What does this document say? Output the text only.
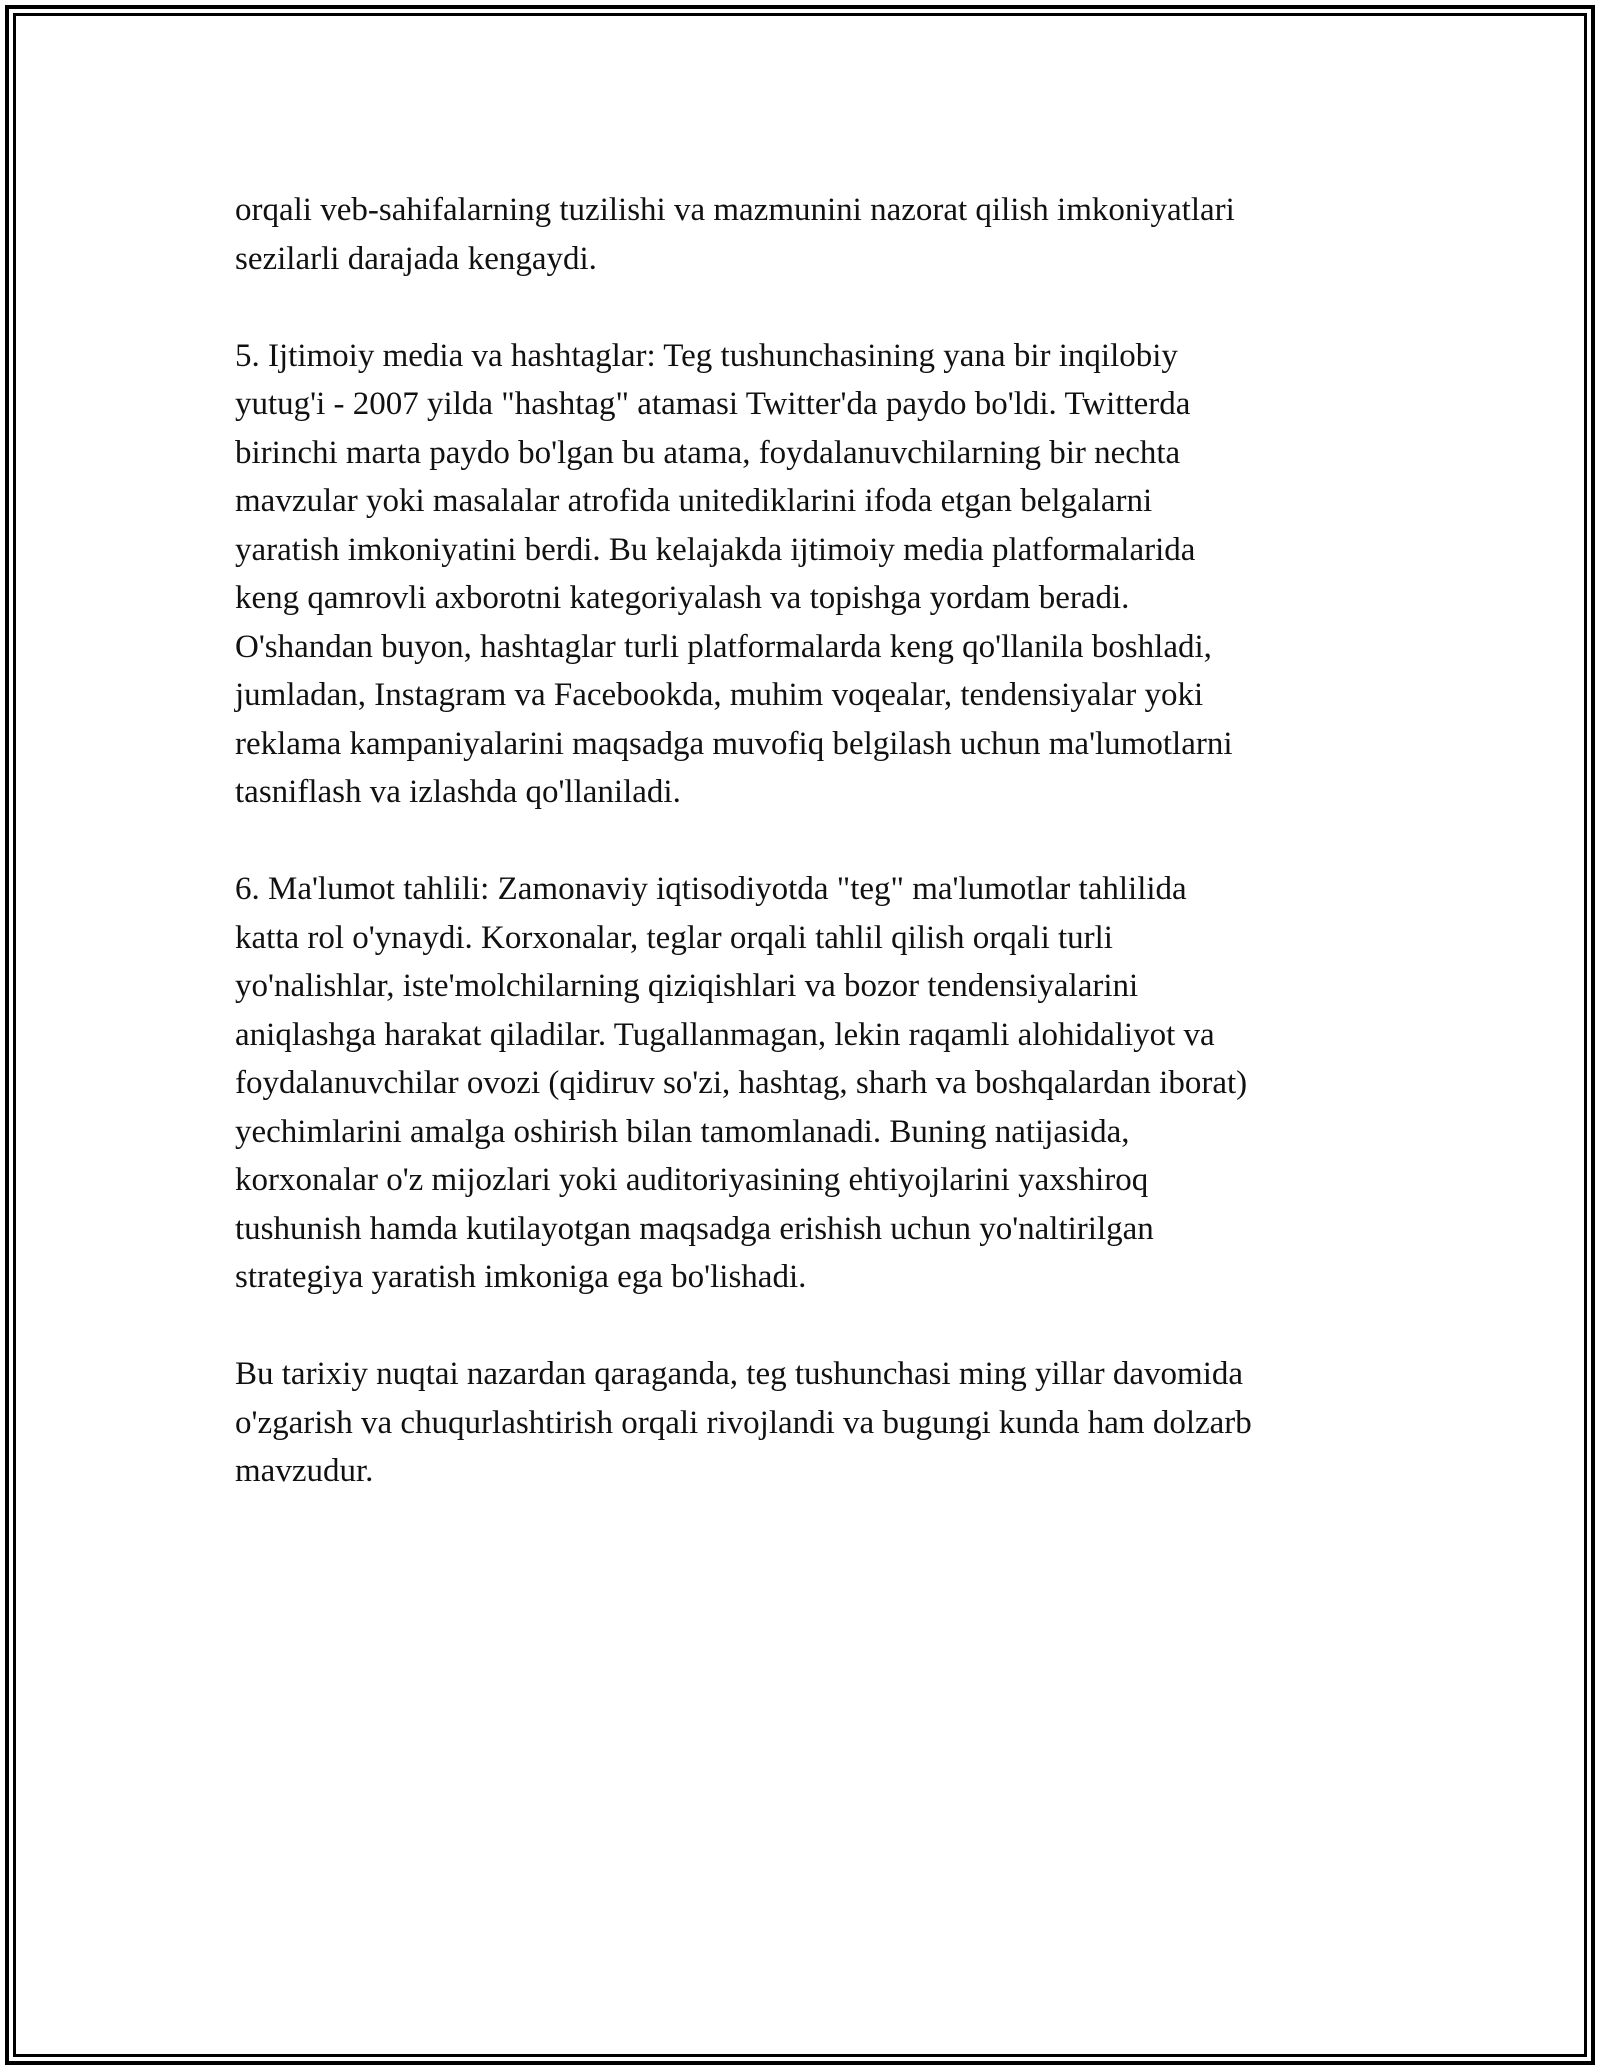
orqali veb-sahifalarning tuzilishi va mazmunini nazorat qilish imkoniyatlari
sezilarli darajada kengaydi.

5. Ijtimoiy media va hashtaglar: Teg tushunchasining yana bir inqilobiy
yutug'i - 2007 yilda "hashtag" atamasi Twitter'da paydo bo'ldi. Twitterda
birinchi marta paydo bo'lgan bu atama, foydalanuvchilarning bir nechta
mavzular yoki masalalar atrofida unitediklarini ifoda etgan belgalarni
yaratish imkoniyatini berdi. Bu kelajakda ijtimoiy media platformalarida
keng qamrovli axborotni kategoriyalash va topishga yordam beradi.
O'shandan buyon, hashtaglar turli platformalarda keng qo'llanila boshladi,
jumladan, Instagram va Facebookda, muhim voqealar, tendensiyalar yoki
reklama kampaniyalarini maqsadga muvofiq belgilash uchun ma'lumotlarni
tasniflash va izlashda qo'llaniladi.

6. Ma'lumot tahlili: Zamonaviy iqtisodiyotda "teg" ma'lumotlar tahlilida
katta rol o'ynaydi. Korxonalar, teglar orqali tahlil qilish orqali turli
yo'nalishlar, iste'molchilarning qiziqishlari va bozor tendensiyalarini
aniqlashga harakat qiladilar. Tugallanmagan, lekin raqamli alohidaliyot va
foydalanuvchilar ovozi (qidiruv so'zi, hashtag, sharh va boshqalardan iborat)
yechimlarini amalga oshirish bilan tamomlanadi. Buning natijasida,
korxonalar o'z mijozlari yoki auditoriyasining ehtiyojlarini yaxshiroq
tushunish hamda kutilayotgan maqsadga erishish uchun yo'naltirilgan
strategiya yaratish imkoniga ega bo'lishadi.

Bu tarixiy nuqtai nazardan qaraganda, teg tushunchasi ming yillar davomida
o'zgarish va chuqurlashtirish orqali rivojlandi va bugungi kunda ham dolzarb
mavzudur.
